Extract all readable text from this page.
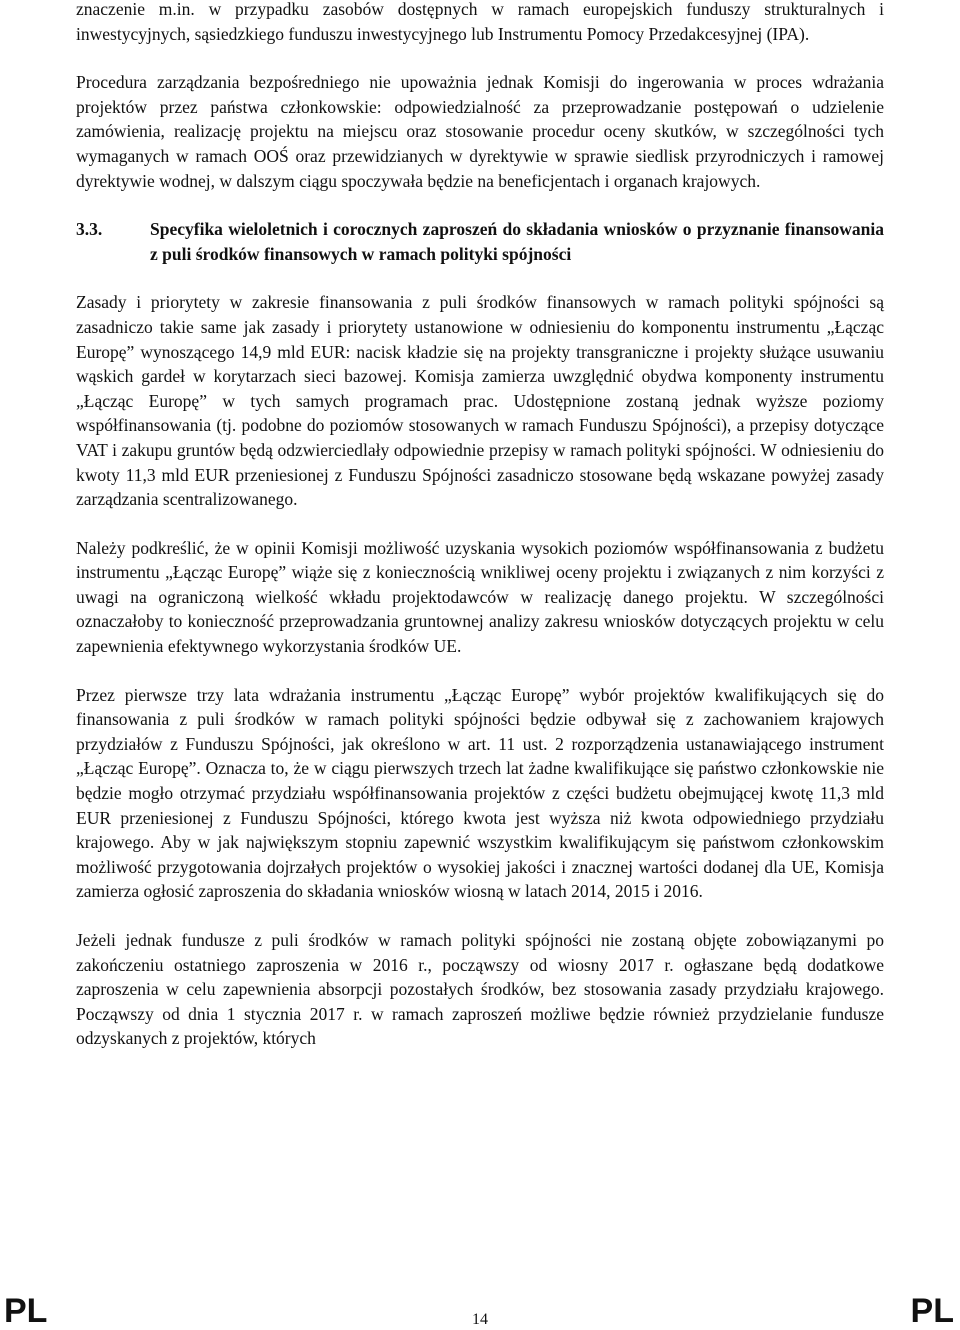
znaczenie m.in. w przypadku zasobów dostępnych w ramach europejskich funduszy strukturalnych i inwestycyjnych, sąsiedzkiego funduszu inwestycyjnego lub Instrumentu Pomocy Przedakcesyjnej (IPA).

Procedura zarządzania bezpośredniego nie upoważnia jednak Komisji do ingerowania w proces wdrażania projektów przez państwa członkowskie: odpowiedzialność za przeprowadzanie postępowań o udzielenie zamówienia, realizację projektu na miejscu oraz stosowanie procedur oceny skutków, w szczególności tych wymaganych w ramach OOŚ oraz przewidzianych w dyrektywie w sprawie siedlisk przyrodniczych i ramowej dyrektywie wodnej, w dalszym ciągu spoczywała będzie na beneficjentach i organach krajowych.

3.3.	Specyfika wieloletnich i corocznych zaproszeń do składania wniosków o przyznanie finansowania z puli środków finansowych w ramach polityki spójności

Zasady i priorytety w zakresie finansowania z puli środków finansowych w ramach polityki spójności są zasadniczo takie same jak zasady i priorytety ustanowione w odniesieniu do komponentu instrumentu „Łącząc Europę” wynoszącego 14,9 mld EUR: nacisk kładzie się na projekty transgraniczne i projekty służące usuwaniu wąskich gardeł w korytarzach sieci bazowej. Komisja zamierza uwzględnić obydwa komponenty instrumentu „Łącząc Europę” w tych samych programach prac. Udostępnione zostaną jednak wyższe poziomy współfinansowania (tj. podobne do poziomów stosowanych w ramach Funduszu Spójności), a przepisy dotyczące VAT i zakupu gruntów będą odzwierciedlały odpowiednie przepisy w ramach polityki spójności. W odniesieniu do kwoty 11,3 mld EUR przeniesionej z Funduszu Spójności zasadniczo stosowane będą wskazane powyżej zasady zarządzania scentralizowanego.

Należy podkreślić, że w opinii Komisji możliwość uzyskania wysokich poziomów współfinansowania z budżetu instrumentu „Łącząc Europę” wiąże się z koniecznością wnikliwej oceny projektu i związanych z nim korzyści z uwagi na ograniczoną wielkość wkładu projektodawców w realizację danego projektu. W szczególności oznaczałoby to konieczność przeprowadzania gruntownej analizy zakresu wniosków dotyczących projektu w celu zapewnienia efektywnego wykorzystania środków UE.

Przez pierwsze trzy lata wdrażania instrumentu „Łącząc Europę” wybór projektów kwalifikujących się do finansowania z puli środków w ramach polityki spójności będzie odbywał się z zachowaniem krajowych przydziałów z Funduszu Spójności, jak określono w art. 11 ust. 2 rozporządzenia ustanawiającego instrument „Łącząc Europę”. Oznacza to, że w ciągu pierwszych trzech lat żadne kwalifikujące się państwo członkowskie nie będzie mogło otrzymać przydziału współfinansowania projektów z części budżetu obejmującej kwotę 11,3 mld EUR przeniesionej z Funduszu Spójności, którego kwota jest wyższa niż kwota odpowiedniego przydziału krajowego. Aby w jak największym stopniu zapewnić wszystkim kwalifikującym się państwom członkowskim możliwość przygotowania dojrzałych projektów o wysokiej jakości i znacznej wartości dodanej dla UE, Komisja zamierza ogłosić zaproszenia do składania wniosków wiosną w latach 2014, 2015 i 2016.

Jeżeli jednak fundusze z puli środków w ramach polityki spójności nie zostaną objęte zobowiązanymi po zakończeniu ostatniego zaproszenia w 2016 r., począwszy od wiosny 2017 r. ogłaszane będą dodatkowe zaproszenia w celu zapewnienia absorpcji pozostałych środków, bez stosowania zasady przydziału krajowego. Począwszy od dnia 1 stycznia 2017 r. w ramach zaproszeń możliwe będzie również przydzielanie fundusze odzyskanych z projektów, których

PL	14	PL
